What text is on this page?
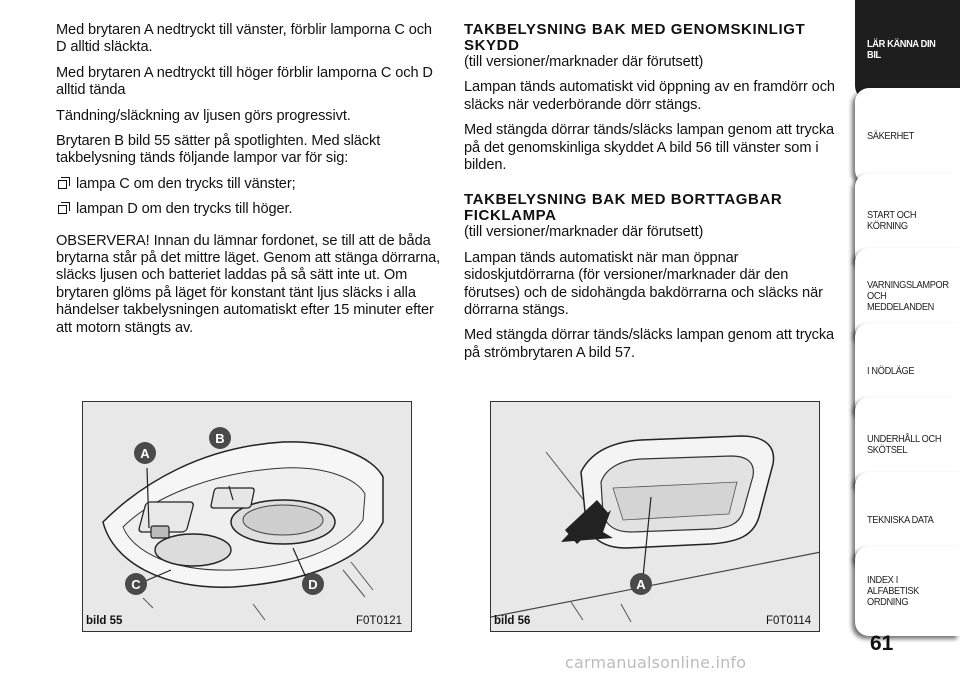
Med brytaren A nedtryckt till vänster, förblir lamporna C och D alltid släckta.

Med brytaren A nedtryckt till höger förblir lamporna C och D alltid tända

Tändning/släckning av ljusen görs progressivt.

Brytaren B bild 55 sätter på spotlighten. Med släckt takbelysning tänds följande lampor var för sig:

lampa C om den trycks till vänster;
lampan D om den trycks till höger.

OBSERVERA! Innan du lämnar fordonet, se till att de båda brytarna står på det mittre läget. Genom att stänga dörrarna, släcks ljusen och batteriet laddas på så sätt inte ut. Om brytaren glöms på läget för konstant tänt ljus släcks i alla händelser takbelysningen automatiskt efter 15 minuter efter att motorn stängts av.

TAKBELYSNING BAK MED GENOMSKINLIGT SKYDD

(till versioner/marknader där förutsett)

Lampan tänds automatiskt vid öppning av en framdörr och släcks när vederbörande dörr stängs.

Med stängda dörrar tänds/släcks lampan genom att trycka på det genomskinliga skyddet A bild 56 till vänster som i bilden.

TAKBELYSNING BAK MED BORTTAGBAR FICKLAMPA

(till versioner/marknader där förutsett)

Lampan tänds automatiskt när man öppnar sidoskjutdörrarna (för versioner/marknader där den förutses) och de sidohängda bakdörrarna och släcks när dörrarna stängs.

Med stängda dörrar tänds/släcks lampan genom att trycka på strömbrytaren A bild 57.

A
B
C	D
bild 55	F0T0121
A
bild 56	F0T0114
LÄR KÄNNA DIN
BIL
SÄKERHET
START OCH
KÖRNING
VARNINGSLAMPOR
OCH
MEDDELANDEN
I NÖDLÄGE
UNDERHÅLL OCH
SKÖTSEL
TEKNISKA DATA
INDEX I ALFABETISK
ORDNING
61
carmanualsonline.info
